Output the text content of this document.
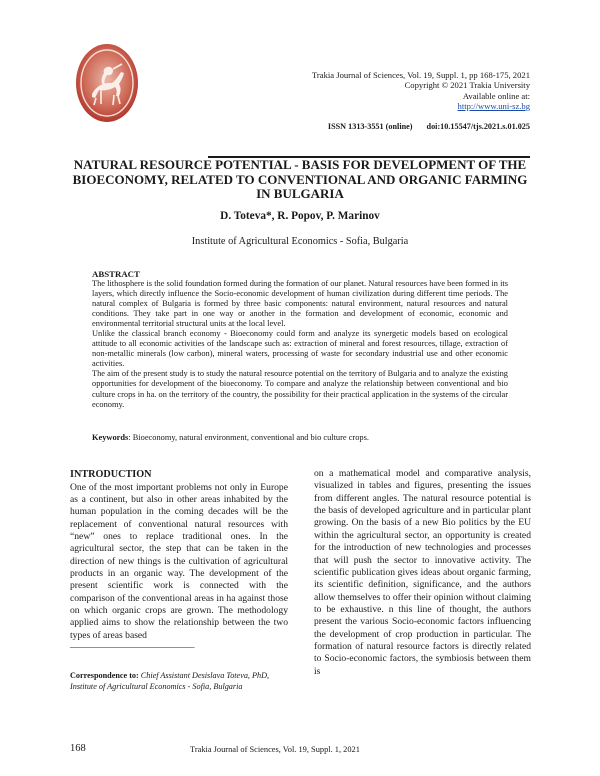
Trakia Journal of Sciences, Vol. 19, Suppl. 1, pp 168-175, 2021
Copyright © 2021 Trakia University
Available online at:
http://www.uni-sz.bg
ISSN 1313-3551 (online) doi:10.15547/tjs.2021.s.01.025
NATURAL RESOURCE POTENTIAL - BASIS FOR DEVELOPMENT OF THE BIOECONOMY, RELATED TO CONVENTIONAL AND ORGANIC FARMING IN BULGARIA
D. Toteva*, R. Popov, P. Marinov
Institute of Agricultural Economics - Sofia, Bulgaria
ABSTRACT

The lithosphere is the solid foundation formed during the formation of our planet. Natural resources have been formed in its layers, which directly influence the Socio-economic development of human civilization during different time periods. The natural complex of Bulgaria is formed by three basic components: natural environment, natural resources and natural conditions. They take part in one way or another in the formation and development of economic, economic and environmental territorial structural units at the local level.

Unlike the classical branch economy - Bioeconomy could form and analyze its synergetic models based on ecological attitude to all economic activities of the landscape such as: extraction of mineral and forest resources, tillage, extraction of non-metallic minerals (low carbon), mineral waters, processing of waste for secondary industrial use and other economic activities.

The aim of the present study is to study the natural resource potential on the territory of Bulgaria and to analyze the existing opportunities for development of the bioeconomy. To compare and analyze the relationship between conventional and bio culture crops in ha. on the territory of the country, the possibility for their practical application in the systems of the circular economy.

Keywords: Bioeconomy, natural environment, conventional and bio culture crops.
INTRODUCTION

One of the most important problems not only in Europe as a continent, but also in other areas inhabited by the human population in the coming decades will be the replacement of conventional natural resources with “new” ones to replace traditional ones. In the agricultural sector, the step that can be taken in the direction of new things is the cultivation of agricultural products in an organic way. The development of the present scientific work is connected with the comparison of the conventional areas in ha against those on which organic crops are grown. The methodology applied aims to show the relationship between the two types of areas based

on a mathematical model and comparative analysis, visualized in tables and figures, presenting the issues from different angles. The natural resource potential is the basis of developed agriculture and in particular plant growing. On the basis of a new Bio politics by the EU within the agricultural sector, an opportunity is created for the introduction of new technologies and processes that will push the sector to innovative activity. The scientific publication gives ideas about organic farming, its scientific definition, significance, and the authors allow themselves to offer their opinion without claiming to be exhaustive. n this line of thought, the authors present the various Socio-economic factors influencing the development of crop production in particular. The formation of natural resource factors is directly related to Socio-economic factors, the symbiosis between them is

_______________________________
Correspondence to: Chief Assistant Desislava Toteva, PhD, Institute of Agricultural Economics - Sofia, Bulgaria
168	Trakia Journal of Sciences, Vol. 19, Suppl. 1, 2021
